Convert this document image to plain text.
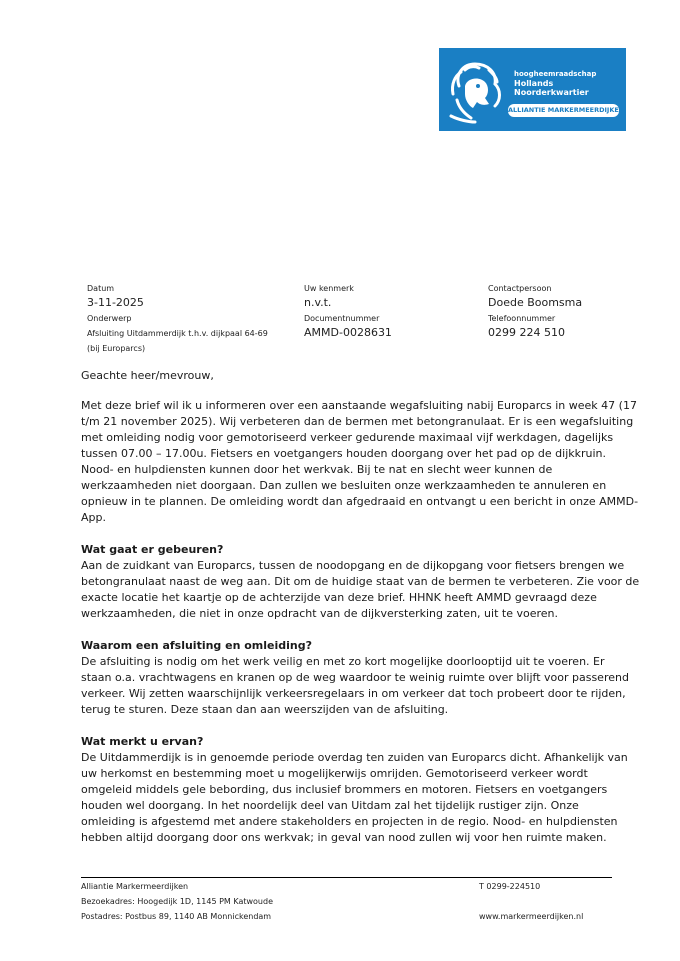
hoogheemraadschap
Hollands
Noorderkwartier
ALLIANTIE MARKERMEERDIJKEN
Datum
3-11-2025
Onderwerp
Afsluiting Uitdammerdijk t.h.v. dijkpaal 64-69
(bij Europarcs)
Uw kenmerk
n.v.t.
Documentnummer
AMMD-0028631
Contactpersoon
Doede Boomsma
Telefoonnummer
0299 224 510
Geachte heer/mevrouw,

Met deze brief wil ik u informeren over een aanstaande wegafsluiting nabij Europarcs in week 47 (17
t/m 21 november 2025). Wij verbeteren dan de bermen met betongranulaat. Er is een wegafsluiting
met omleiding nodig voor gemotoriseerd verkeer gedurende maximaal vijf werkdagen, dagelijks
tussen 07.00 – 17.00u. Fietsers en voetgangers houden doorgang over het pad op de dijkkruin.
Nood- en hulpdiensten kunnen door het werkvak. Bij te nat en slecht weer kunnen de
werkzaamheden niet doorgaan. Dan zullen we besluiten onze werkzaamheden te annuleren en
opnieuw in te plannen. De omleiding wordt dan afgedraaid en ontvangt u een bericht in onze AMMD-
App.

Wat gaat er gebeuren?

Aan de zuidkant van Europarcs, tussen de noodopgang en de dijkopgang voor fietsers brengen we
betongranulaat naast de weg aan. Dit om de huidige staat van de bermen te verbeteren. Zie voor de
exacte locatie het kaartje op de achterzijde van deze brief. HHNK heeft AMMD gevraagd deze
werkzaamheden, die niet in onze opdracht van de dijkversterking zaten, uit te voeren.

Waarom een afsluiting en omleiding?

De afsluiting is nodig om het werk veilig en met zo kort mogelijke doorlooptijd uit te voeren. Er
staan o.a. vrachtwagens en kranen op de weg waardoor te weinig ruimte over blijft voor passerend
verkeer. Wij zetten waarschijnlijk verkeersregelaars in om verkeer dat toch probeert door te rijden,
terug te sturen. Deze staan dan aan weerszijden van de afsluiting.

Wat merkt u ervan?

De Uitdammerdijk is in genoemde periode overdag ten zuiden van Europarcs dicht. Afhankelijk van
uw herkomst en bestemming moet u mogelijkerwijs omrijden. Gemotoriseerd verkeer wordt
omgeleid middels gele bebording, dus inclusief brommers en motoren. Fietsers en voetgangers
houden wel doorgang. In het noordelijk deel van Uitdam zal het tijdelijk rustiger zijn. Onze
omleiding is afgestemd met andere stakeholders en projecten in de regio. Nood- en hulpdiensten
hebben altijd doorgang door ons werkvak; in geval van nood zullen wij voor hen ruimte maken.

Alliantie Markermeerdijken
Bezoekadres: Hoogedijk 1D, 1145 PM Katwoude
Postadres: Postbus 89, 1140 AB Monnickendam
T 0299-224510
www.markermeerdijken.nl
